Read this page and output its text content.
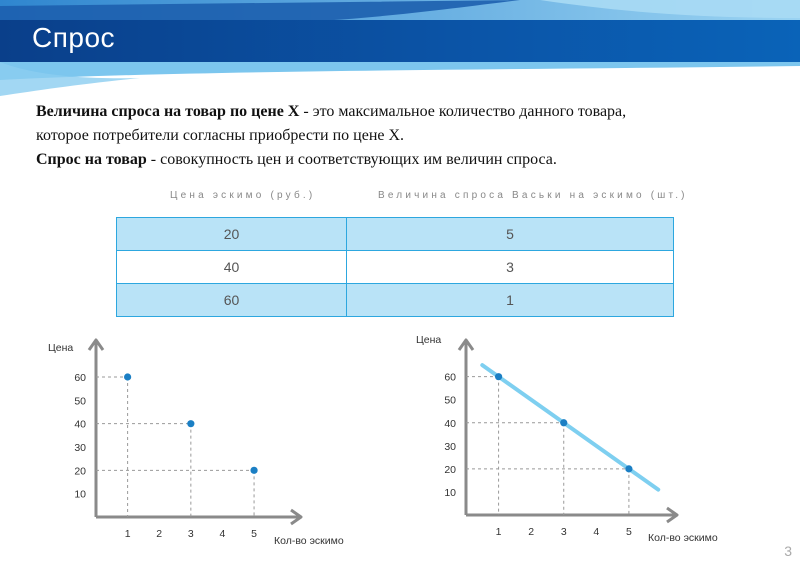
Спрос
Величина спроса на товар по цене Х - это максимальное количество данного товара,
которое потребители согласны приобрести по цене Х.
Спрос на товар - совокупность цен и соответствующих им величин спроса.
Цена эскимо (руб.)	Величина спроса Васьки на эскимо (шт.)
20	5
40	3
60	1
Цена
Кол-во эскимо
1 2 3 4 5
10
20
30
40
50
60
Цена
Кол-во эскимо
1	2	3	4	5
10
20
30
40
50
60
3
